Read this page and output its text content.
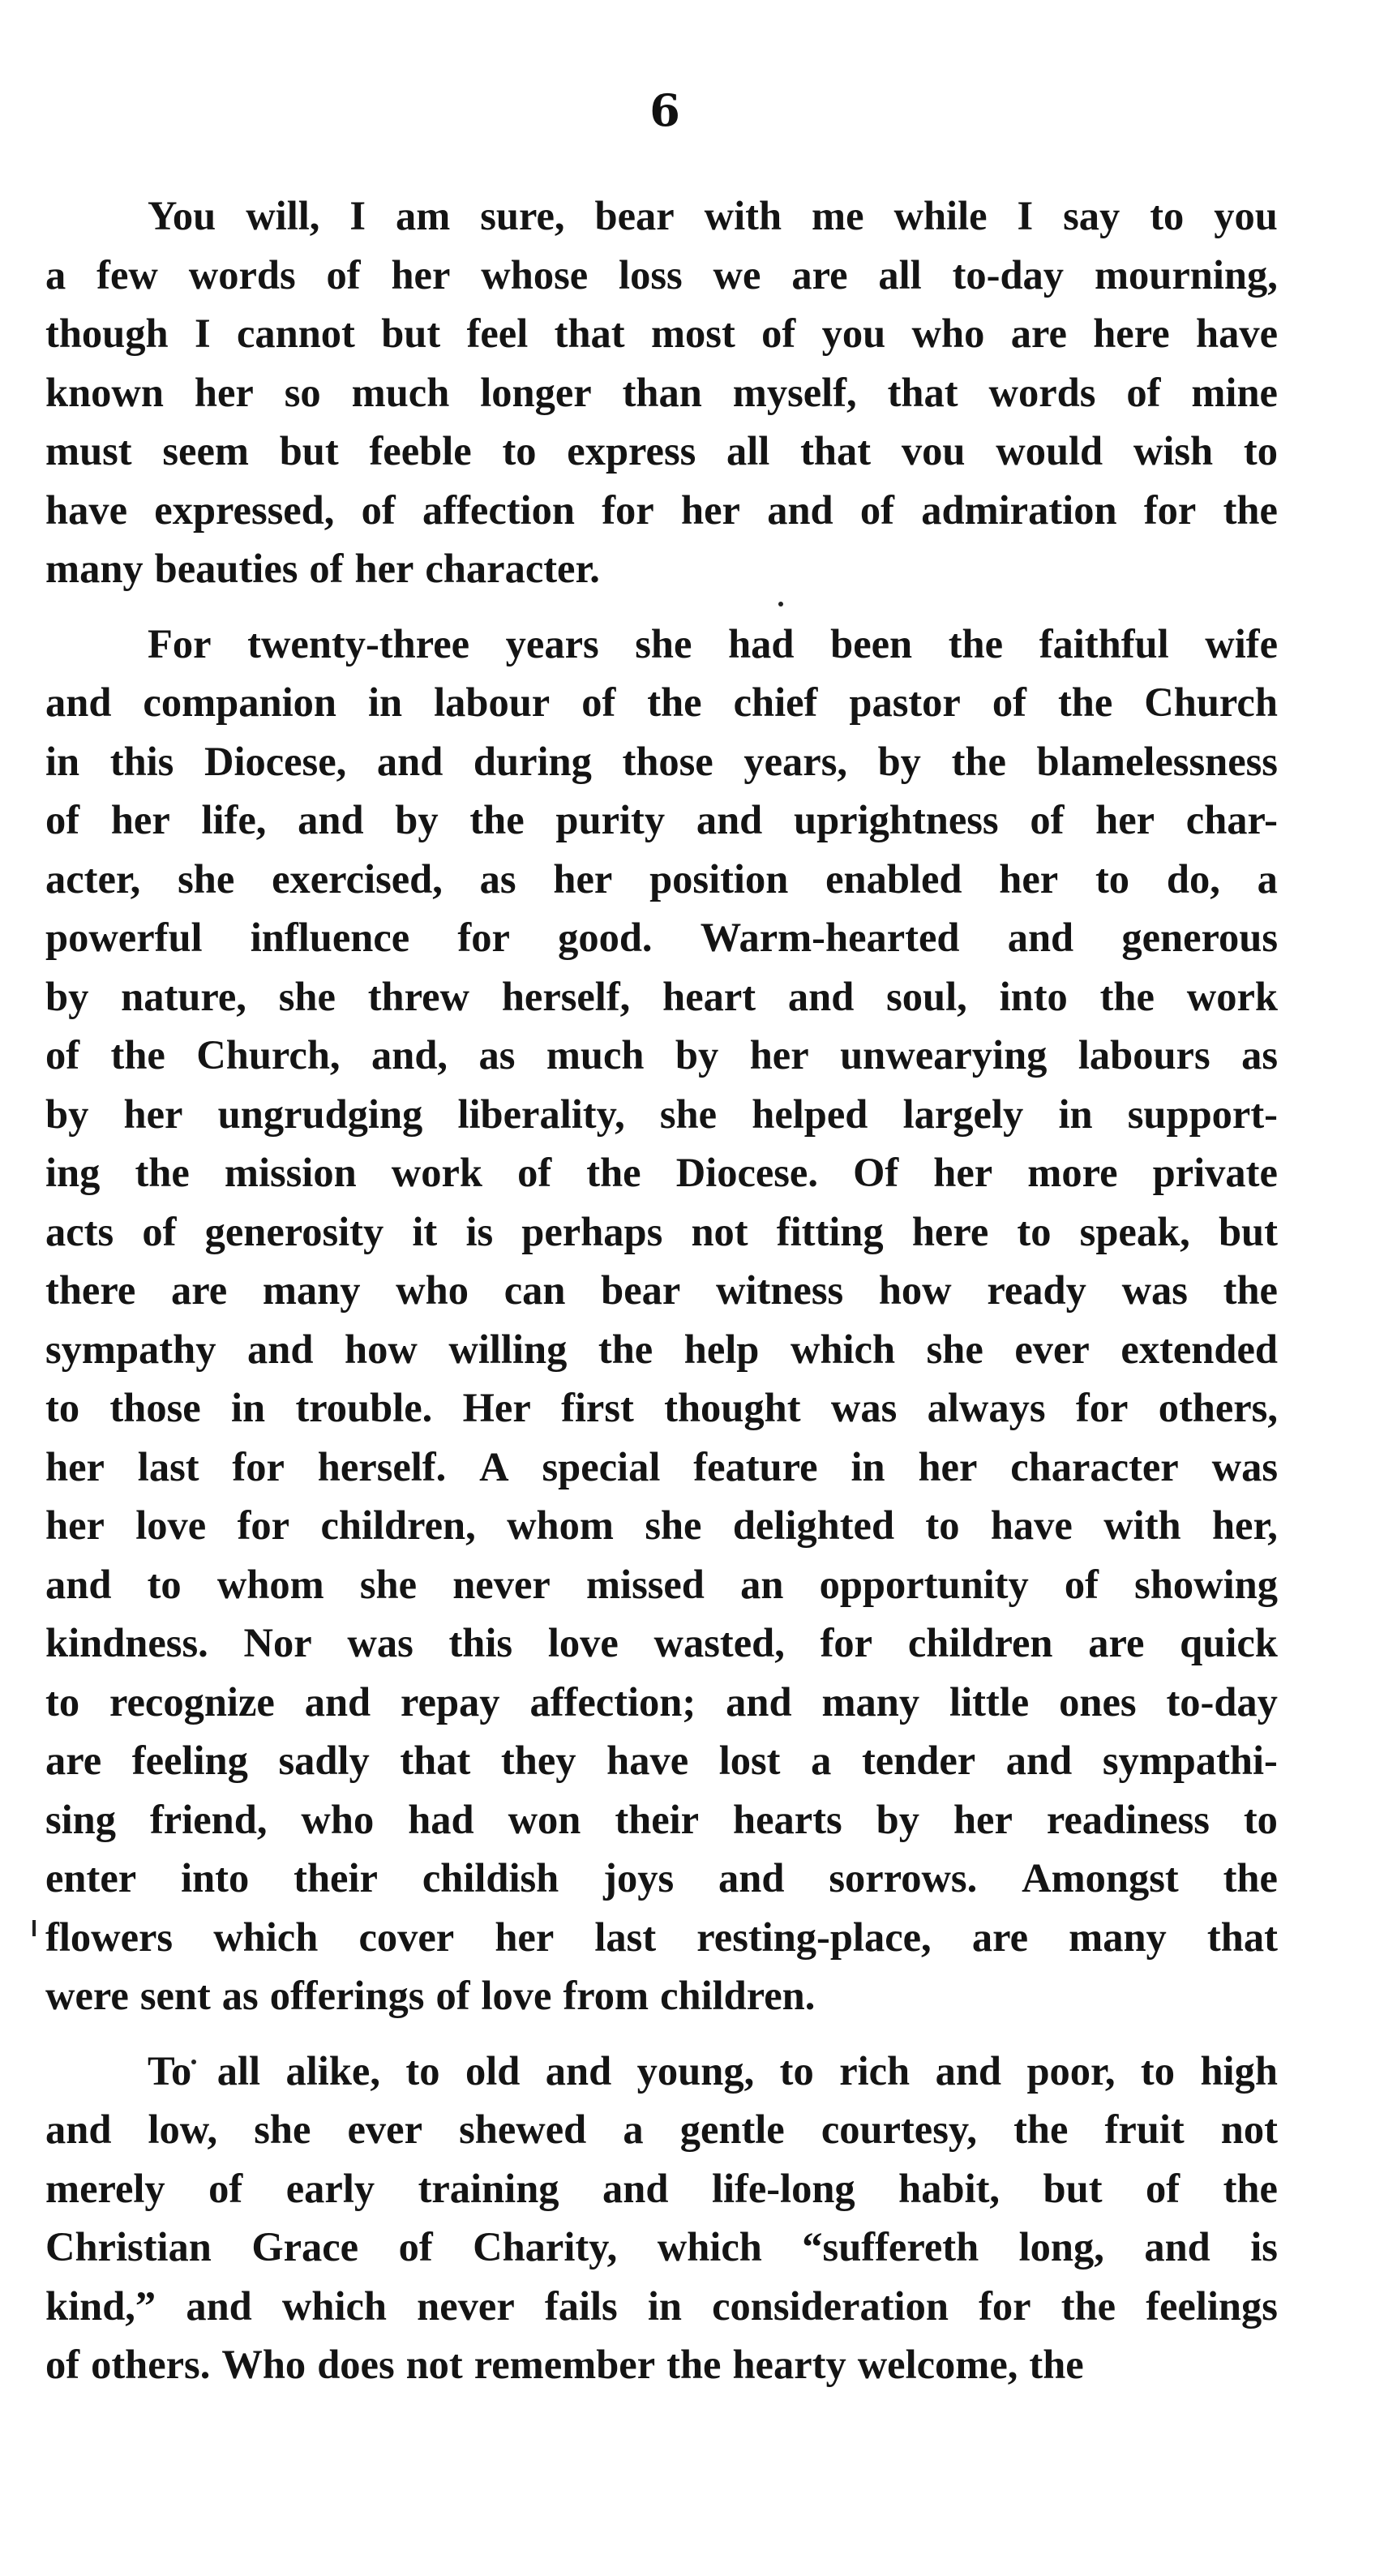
6
You will, I am sure, bear with me while I say to you
a few words of her whose loss we are all to-day mourning,
though I cannot but feel that most of you who are here have
known her so much longer than myself, that words of mine
must seem but feeble to express all that vou would wish to
have expressed, of affection for her and of admiration for the
many beauties of her character.
For twenty-three years she had been the faithful wife
and companion in labour of the chief pastor of the Church
in this Diocese, and during those years, by the blamelessness
of her life, and by the purity and uprightness of her char-
acter, she exercised, as her position enabled her to do, a
powerful influence for good. Warm-hearted and generous
by nature, she threw herself, heart and soul, into the work
of the Church, and, as much by her unwearying labours as
by her ungrudging liberality, she helped largely in support-
ing the mission work of the Diocese. Of her more private
acts of generosity it is perhaps not fitting here to speak, but
there are many who can bear witness how ready was the
sympathy and how willing the help which she ever extended
to those in trouble. Her first thought was always for others,
her last for herself. A special feature in her character was
her love for children, whom she delighted to have with her,
and to whom she never missed an opportunity of showing
kindness. Nor was this love wasted, for children are quick
to recognize and repay affection; and many little ones to-day
are feeling sadly that they have lost a tender and sympathi-
sing friend, who had won their hearts by her readiness to
enter into their childish joys and sorrows. Amongst the
flowers which cover her last resting-place, are many that
were sent as offerings of love from children.
To all alike, to old and young, to rich and poor, to high
and low, she ever shewed a gentle courtesy, the fruit not
merely of early training and life-long habit, but of the
Christian Grace of Charity, which “suffereth long, and is
kind,” and which never fails in consideration for the feelings
of others. Who does not remember the hearty welcome, the
